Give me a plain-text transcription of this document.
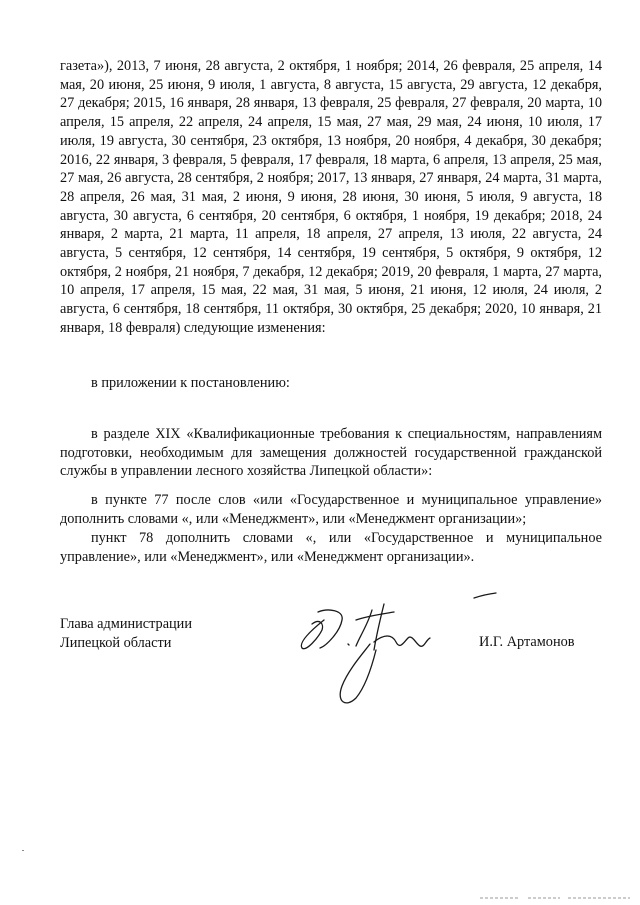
газета»), 2013, 7 июня, 28 августа, 2 октября, 1 ноября; 2014, 26 февраля, 25 апреля, 14 мая, 20 июня, 25 июня, 9 июля, 1 августа, 8 августа, 15 августа, 29 августа, 12 декабря, 27 декабря; 2015, 16 января, 28 января, 13 февраля, 25 февраля, 27 февраля, 20 марта, 10 апреля, 15 апреля, 22 апреля, 24 апреля, 15 мая, 27 мая, 29 мая, 24 июня, 10 июля, 17 июля, 19 августа, 30 сентября, 23 октября, 13 ноября, 20 ноября, 4 декабря, 30 декабря; 2016, 22 января, 3 февраля, 5 февраля, 17 февраля, 18 марта, 6 апреля, 13 апреля, 25 мая, 27 мая, 26 августа, 28 сентября, 2 ноября; 2017, 13 января, 27 января, 24 марта, 31 марта, 28 апреля, 26 мая, 31 мая, 2 июня, 9 июня, 28 июня, 30 июня, 5 июля, 9 августа, 18 августа, 30 августа, 6 сентября, 20 сентября, 6 октября, 1 ноября, 19 декабря; 2018, 24 января, 2 марта, 21 марта, 11 апреля, 18 апреля, 27 апреля, 13 июля, 22 августа, 24 августа, 5 сентября, 12 сентября, 14 сентября, 19 сентября, 5 октября, 9 октября, 12 октября, 2 ноября, 21 ноября, 7 декабря, 12 декабря; 2019, 20 февраля, 1 марта, 27 марта, 10 апреля, 17 апреля, 15 мая, 22 мая, 31 мая, 5 июня, 21 июня, 12 июля, 24 июля, 2 августа, 6 сентября, 18 сентября, 11 октября, 30 октября, 25 декабря; 2020, 10 января, 21 января, 18 февраля) следующие изменения:

в приложении к постановлению:

в разделе XIX «Квалификационные требования к специальностям, направлениям подготовки, необходимым для замещения должностей государственной гражданской службы в управлении лесного хозяйства Липецкой области»:

в пункте 77 после слов «или «Государственное и муниципальное управление» дополнить словами «, или «Менеджмент», или «Менеджмент организации»;

пункт 78 дополнить словами «, или «Государственное и муниципальное управление», или «Менеджмент», или «Менеджмент организации».

Глава администрации
Липецкой области	И.Г. Артамонов
